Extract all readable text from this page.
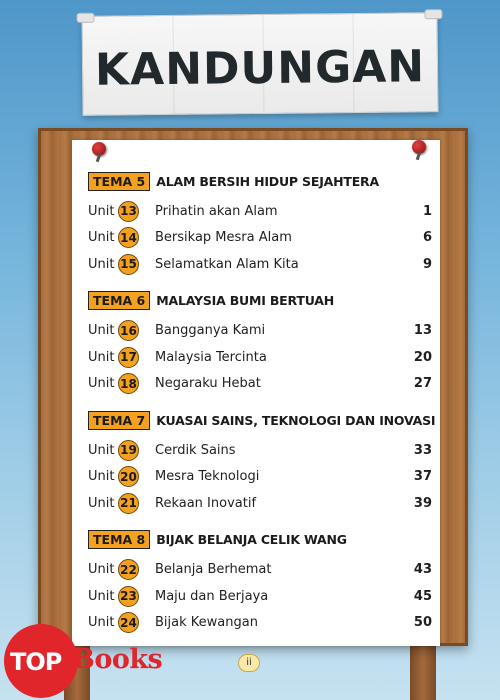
KANDUNGAN
TEMA 5 ALAM BERSIH HIDUP SEJAHTERA
Unit 13 Prihatin akan Alam	1
Unit 14 Bersikap Mesra Alam	6
Unit 15 Selamatkan Alam Kita	9
TEMA 6 MALAYSIA BUMI BERTUAH
Unit 16 Bangganya Kami	13
Unit 17 Malaysia Tercinta	20
Unit 18 Negaraku Hebat	27
TEMA 7 KUASAI SAINS, TEKNOLOGI DAN INOVASI
Unit 19 Cerdik Sains	33
Unit 20 Mesra Teknologi	37
Unit 21 Rekaan Inovatif	39
TEMA 8 BIJAK BELANJA CELIK WANG
Unit 22 Belanja Berhemat	43
Unit 23 Maju dan Berjaya	45
Unit 24 Bijak Kewangan	50
ii
TOP Books
